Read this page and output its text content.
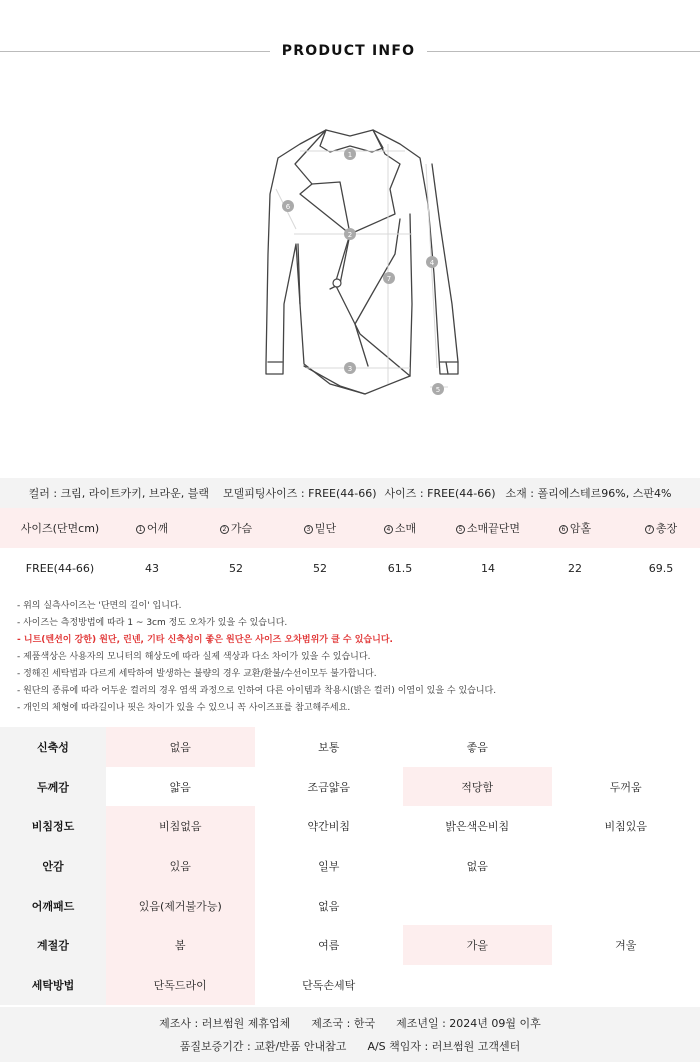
PRODUCT INFO
1
2
3
4
5
6
7
컬러 : 크림, 라이트카키, 브라운, 블랙 모델피팅사이즈 : FREE(44-66) 사이즈 : FREE(44-66) 소재 : 폴리에스테르96%, 스판4%
사이즈(단면cm)	1 어깨	2 가슴	3 밑단	4 소매	5 소매끝단면	6 암홀	7 총장
FREE(44-66)	43	52	52	61.5	14	22	69.5
- 위의 실측사이즈는 '단면의 길이' 입니다.
- 사이즈는 측정방법에 따라 1 ~ 3cm 정도 오차가 있을 수 있습니다.
- 니트(텐션이 강한) 원단, 린넨, 기타 신축성이 좋은 원단은 사이즈 오차범위가 클 수 있습니다.
- 제품색상은 사용자의 모니터의 해상도에 따라 실제 색상과 다소 차이가 있을 수 있습니다.
- 정해진 세탁법과 다르게 세탁하여 발생하는 불량의 경우 교환/환불/수선이모두 불가합니다.
- 원단의 종류에 따라 어두운 컬러의 경우 염색 과정으로 인하여 다른 아이템과 착용시(밝은 컬러) 이염이 있을 수 있습니다.
- 개인의 체형에 따라길이나 핏은 차이가 있을 수 있으니 꼭 사이즈표를 참고해주세요.
신축성	없음	보통	좋음
두께감	얇음	조금얇음	적당함	두꺼움
비침정도	비침없음	약간비침	밝은색은비침	비침있음
안감	있음	일부	없음
어깨패드	있음(제거불가능)	없음
계절감	봄	여름	가을	겨울
세탁방법	단독드라이	단독손세탁
제조사 : 러브썸원 제휴업체 제조국 : 한국 제조년일 : 2024년 09월 이후
품질보증기간 : 교환/반품 안내참고 A/S 책임자 : 러브썸원 고객센터
